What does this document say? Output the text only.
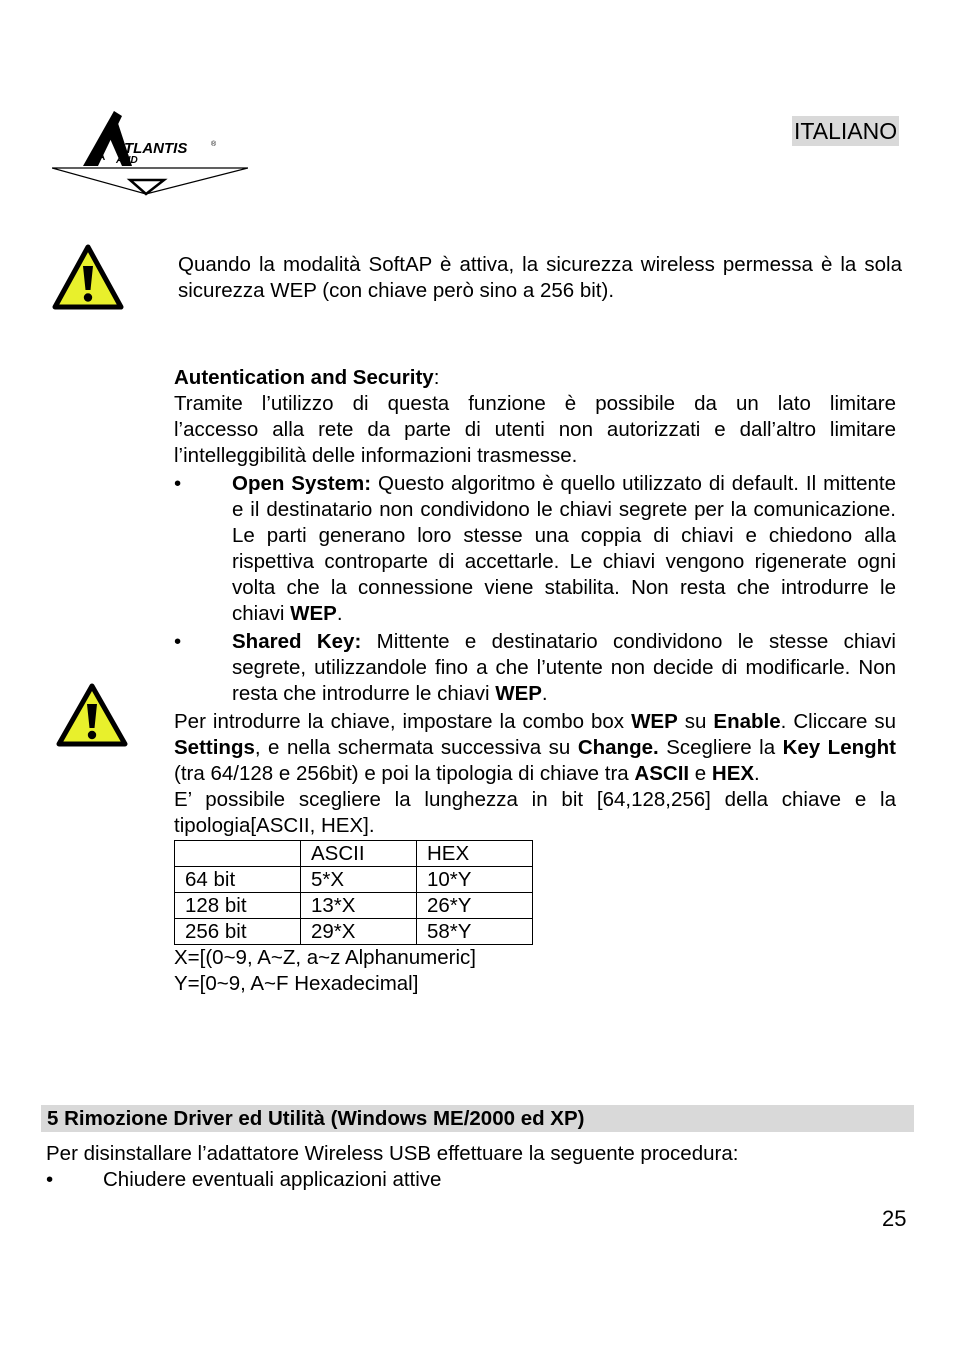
A
TLANTIS	®
AND
ITALIANO
Quando la modalità SoftAP è attiva, la sicurezza wireless permessa è la sola sicurezza WEP (con chiave però sino a 256 bit).

Autentication and Security:

Tramite l’utilizzo di questa funzione è possibile da un lato limitare

l’accesso alla rete da parte di utenti non autorizzati e dall’altro limitare

l’intelleggibilità delle informazioni trasmesse.

• Open System: Questo algoritmo è quello utilizzato di default. Il mittente e il destinatario non condividono le chiavi segrete per la comunicazione. Le parti generano loro stesse una coppia di chiavi e chiedono alla rispettiva controparte di accettarle. Le chiavi vengono rigenerate ogni volta che la connessione viene stabilita. Non resta che introdurre le chiavi WEP.
• Shared Key: Mittente e destinatario condividono le stesse chiavi segrete, utilizzandole fino a che l’utente non decide di modificarle. Non resta che introdurre le chiavi WEP.

Per introdurre la chiave, impostare la combo box WEP su Enable. Cliccare su Settings, e nella schermata successiva su Change. Scegliere la Key Lenght (tra 64/128 e 256bit) e poi la tipologia di chiave tra ASCII e HEX.

E’ possibile scegliere la lunghezza in bit [64,128,256] della chiave e la tipologia[ASCII, HEX].

	ASCII	HEX
64 bit	5*X	10*Y
128 bit	13*X	26*Y
256 bit	29*X	58*Y

X=[(0~9, A~Z, a~z Alphanumeric]

Y=[0~9, A~F Hexadecimal]

5 Rimozione Driver ed Utilità (Windows ME/2000 ed XP)

Per disinstallare l’adattatore Wireless USB effettuare la seguente procedura:

• Chiudere eventuali applicazioni attive
25
